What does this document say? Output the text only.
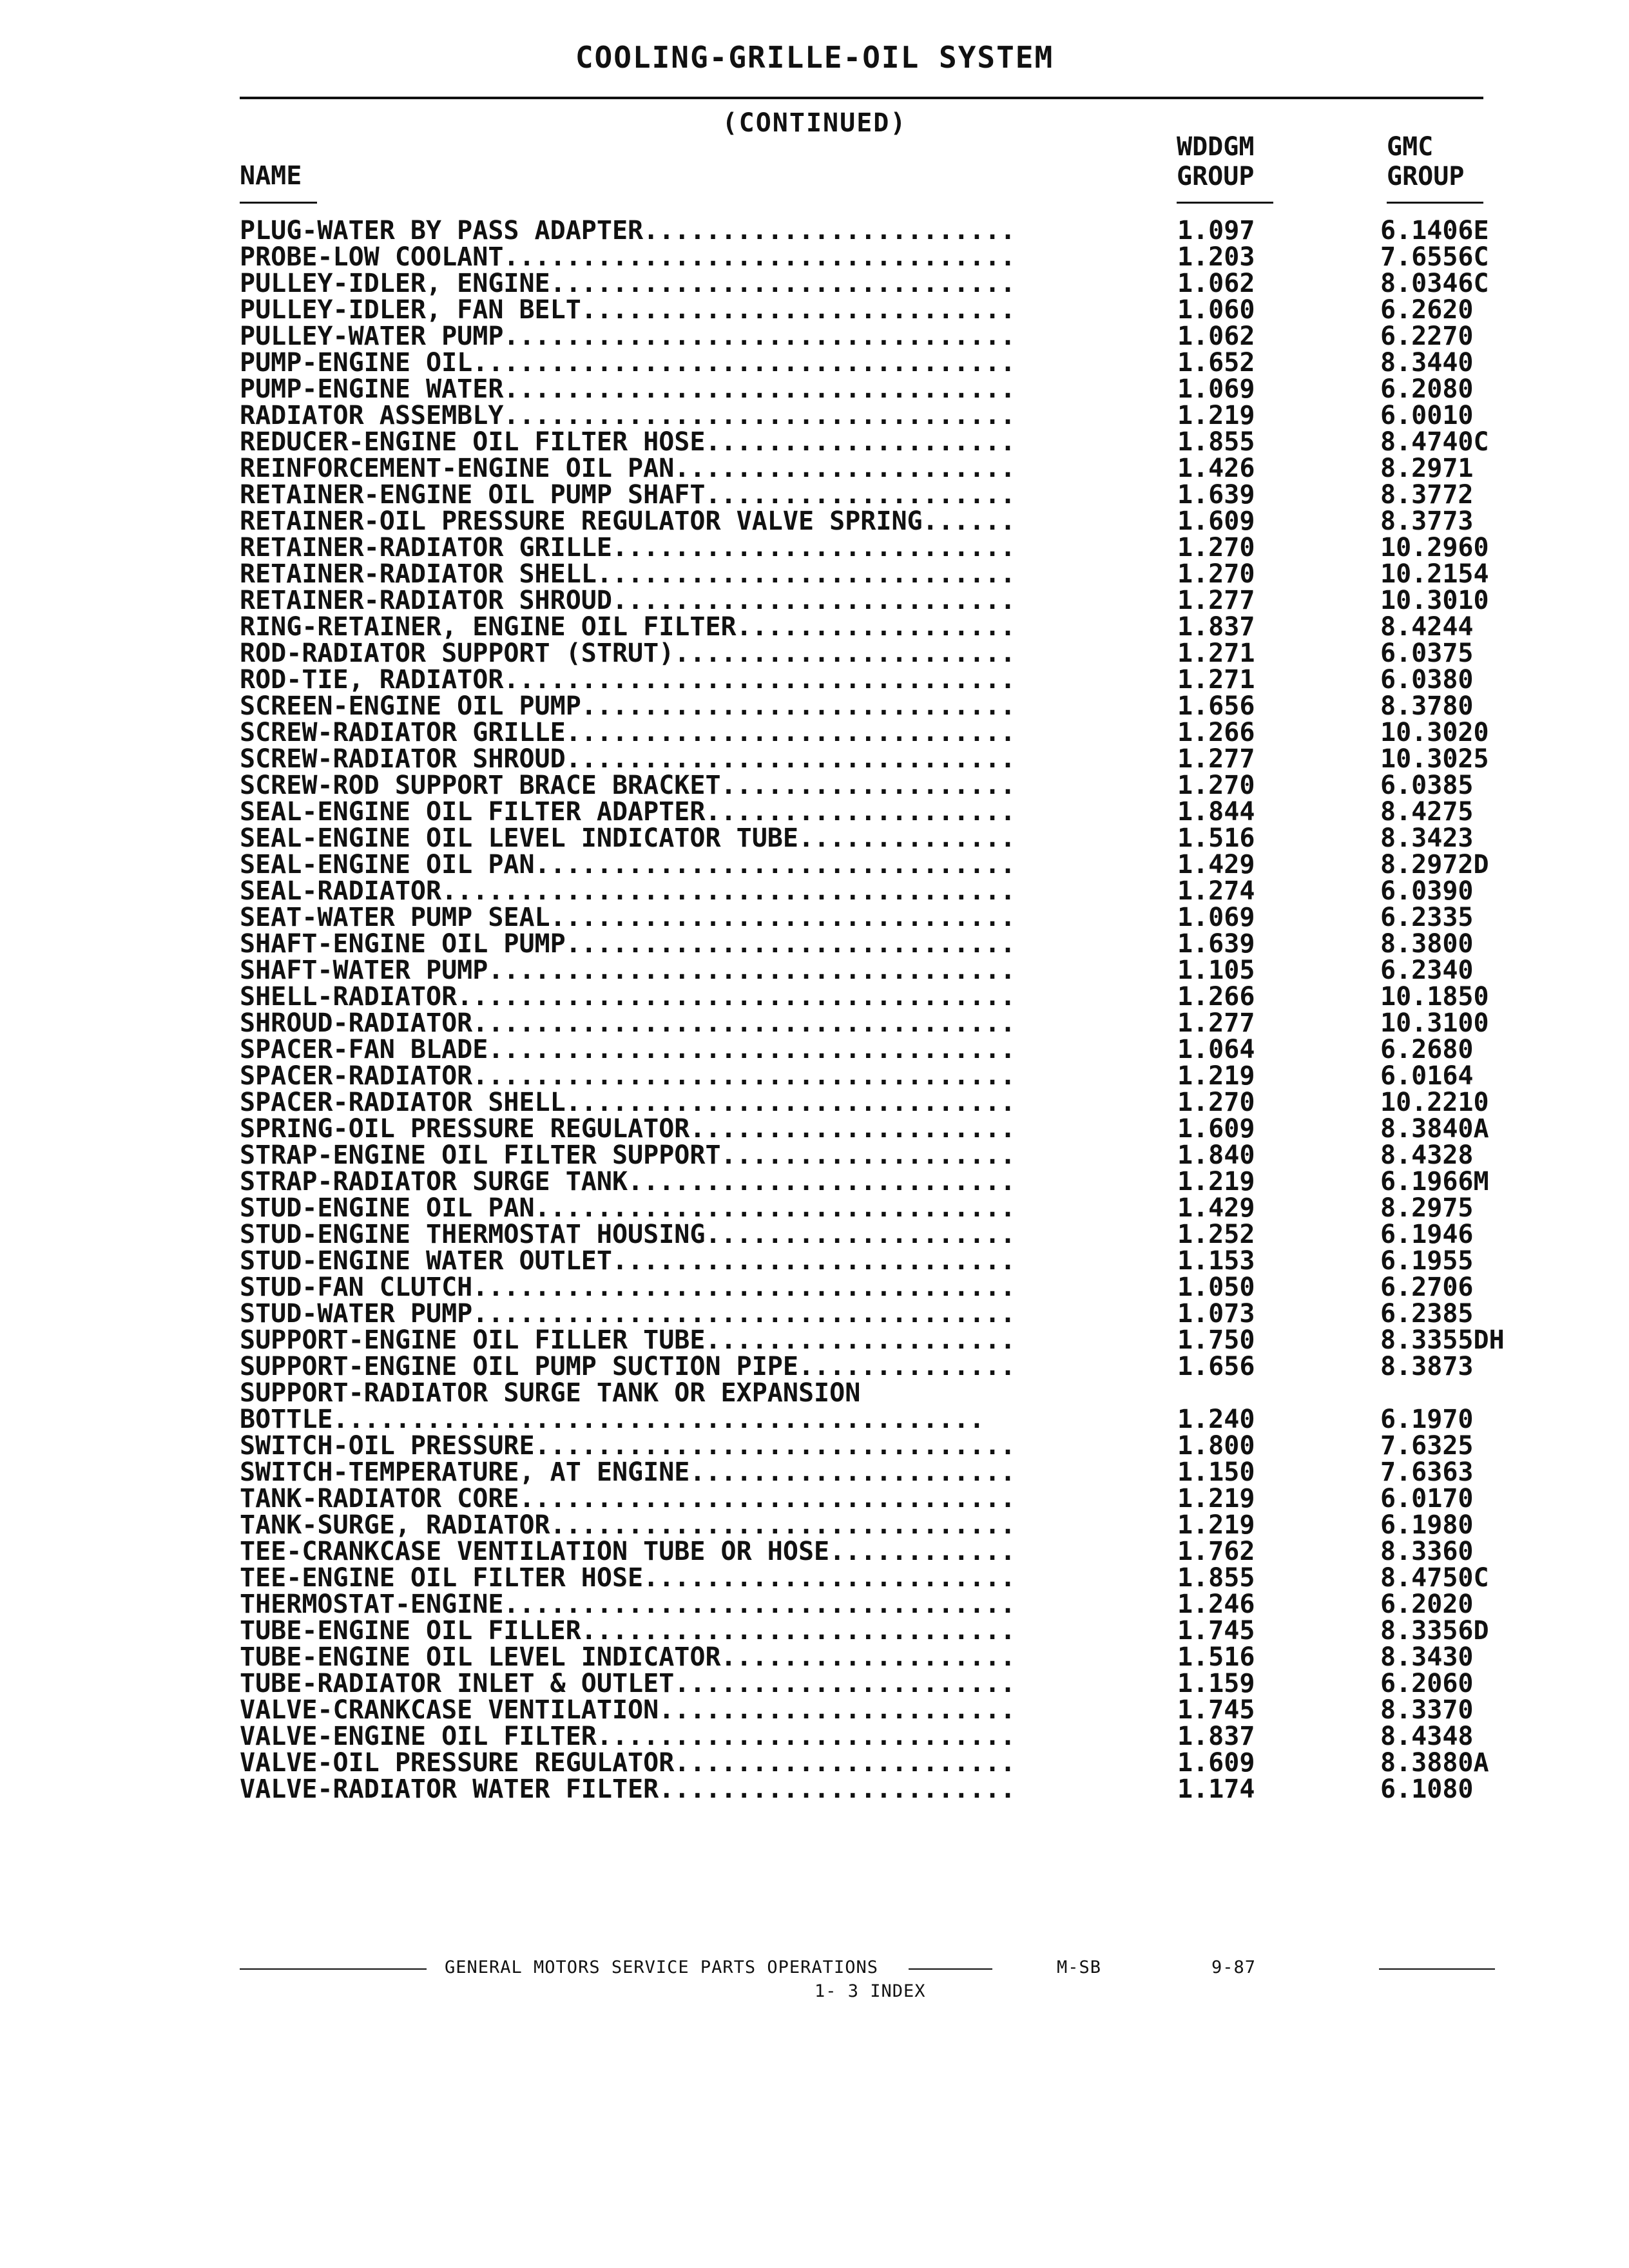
COOLING-GRILLE-OIL SYSTEM
(CONTINUED)
NAME
WDDGM
GROUP
GMC
GROUP
PLUG-WATER BY PASS ADAPTER........................	1.097	6.1406E
PROBE-LOW COOLANT.................................	1.203	7.6556C
PULLEY-IDLER, ENGINE..............................	1.062	8.0346C
PULLEY-IDLER, FAN BELT............................	1.060	6.2620
PULLEY-WATER PUMP.................................	1.062	6.2270
PUMP-ENGINE OIL...................................	1.652	8.3440
PUMP-ENGINE WATER.................................	1.069	6.2080
RADIATOR ASSEMBLY.................................	1.219	6.0010
REDUCER-ENGINE OIL FILTER HOSE....................	1.855	8.4740C
REINFORCEMENT-ENGINE OIL PAN......................	1.426	8.2971
RETAINER-ENGINE OIL PUMP SHAFT....................	1.639	8.3772
RETAINER-OIL PRESSURE REGULATOR VALVE SPRING......	1.609	8.3773
RETAINER-RADIATOR GRILLE..........................	1.270	10.2960
RETAINER-RADIATOR SHELL...........................	1.270	10.2154
RETAINER-RADIATOR SHROUD..........................	1.277	10.3010
RING-RETAINER, ENGINE OIL FILTER..................	1.837	8.4244
ROD-RADIATOR SUPPORT (STRUT)......................	1.271	6.0375
ROD-TIE, RADIATOR.................................	1.271	6.0380
SCREEN-ENGINE OIL PUMP............................	1.656	8.3780
SCREW-RADIATOR GRILLE.............................	1.266	10.3020
SCREW-RADIATOR SHROUD.............................	1.277	10.3025
SCREW-ROD SUPPORT BRACE BRACKET...................	1.270	6.0385
SEAL-ENGINE OIL FILTER ADAPTER....................	1.844	8.4275
SEAL-ENGINE OIL LEVEL INDICATOR TUBE..............	1.516	8.3423
SEAL-ENGINE OIL PAN...............................	1.429	8.2972D
SEAL-RADIATOR.....................................	1.274	6.0390
SEAT-WATER PUMP SEAL..............................	1.069	6.2335
SHAFT-ENGINE OIL PUMP.............................	1.639	8.3800
SHAFT-WATER PUMP..................................	1.105	6.2340
SHELL-RADIATOR....................................	1.266	10.1850
SHROUD-RADIATOR...................................	1.277	10.3100
SPACER-FAN BLADE..................................	1.064	6.2680
SPACER-RADIATOR...................................	1.219	6.0164
SPACER-RADIATOR SHELL.............................	1.270	10.2210
SPRING-OIL PRESSURE REGULATOR.....................	1.609	8.3840A
STRAP-ENGINE OIL FILTER SUPPORT...................	1.840	8.4328
STRAP-RADIATOR SURGE TANK.........................	1.219	6.1966M
STUD-ENGINE OIL PAN...............................	1.429	8.2975
STUD-ENGINE THERMOSTAT HOUSING....................	1.252	6.1946
STUD-ENGINE WATER OUTLET..........................	1.153	6.1955
STUD-FAN CLUTCH...................................	1.050	6.2706
STUD-WATER PUMP...................................	1.073	6.2385
SUPPORT-ENGINE OIL FILLER TUBE....................	1.750	8.3355DH
SUPPORT-ENGINE OIL PUMP SUCTION PIPE..............	1.656	8.3873
SUPPORT-RADIATOR SURGE TANK OR EXPANSION
BOTTLE..........................................	1.240	6.1970
SWITCH-OIL PRESSURE...............................	1.800	7.6325
SWITCH-TEMPERATURE, AT ENGINE.....................	1.150	7.6363
TANK-RADIATOR CORE................................	1.219	6.0170
TANK-SURGE, RADIATOR..............................	1.219	6.1980
TEE-CRANKCASE VENTILATION TUBE OR HOSE............	1.762	8.3360
TEE-ENGINE OIL FILTER HOSE........................	1.855	8.4750C
THERMOSTAT-ENGINE.................................	1.246	6.2020
TUBE-ENGINE OIL FILLER............................	1.745	8.3356D
TUBE-ENGINE OIL LEVEL INDICATOR...................	1.516	8.3430
TUBE-RADIATOR INLET & OUTLET......................	1.159	6.2060
VALVE-CRANKCASE VENTILATION.......................	1.745	8.3370
VALVE-ENGINE OIL FILTER...........................	1.837	8.4348
VALVE-OIL PRESSURE REGULATOR......................	1.609	8.3880A
VALVE-RADIATOR WATER FILTER.......................	1.174	6.1080
GENERAL MOTORS SERVICE PARTS OPERATIONS	M-SB	9-87
1- 3 INDEX
